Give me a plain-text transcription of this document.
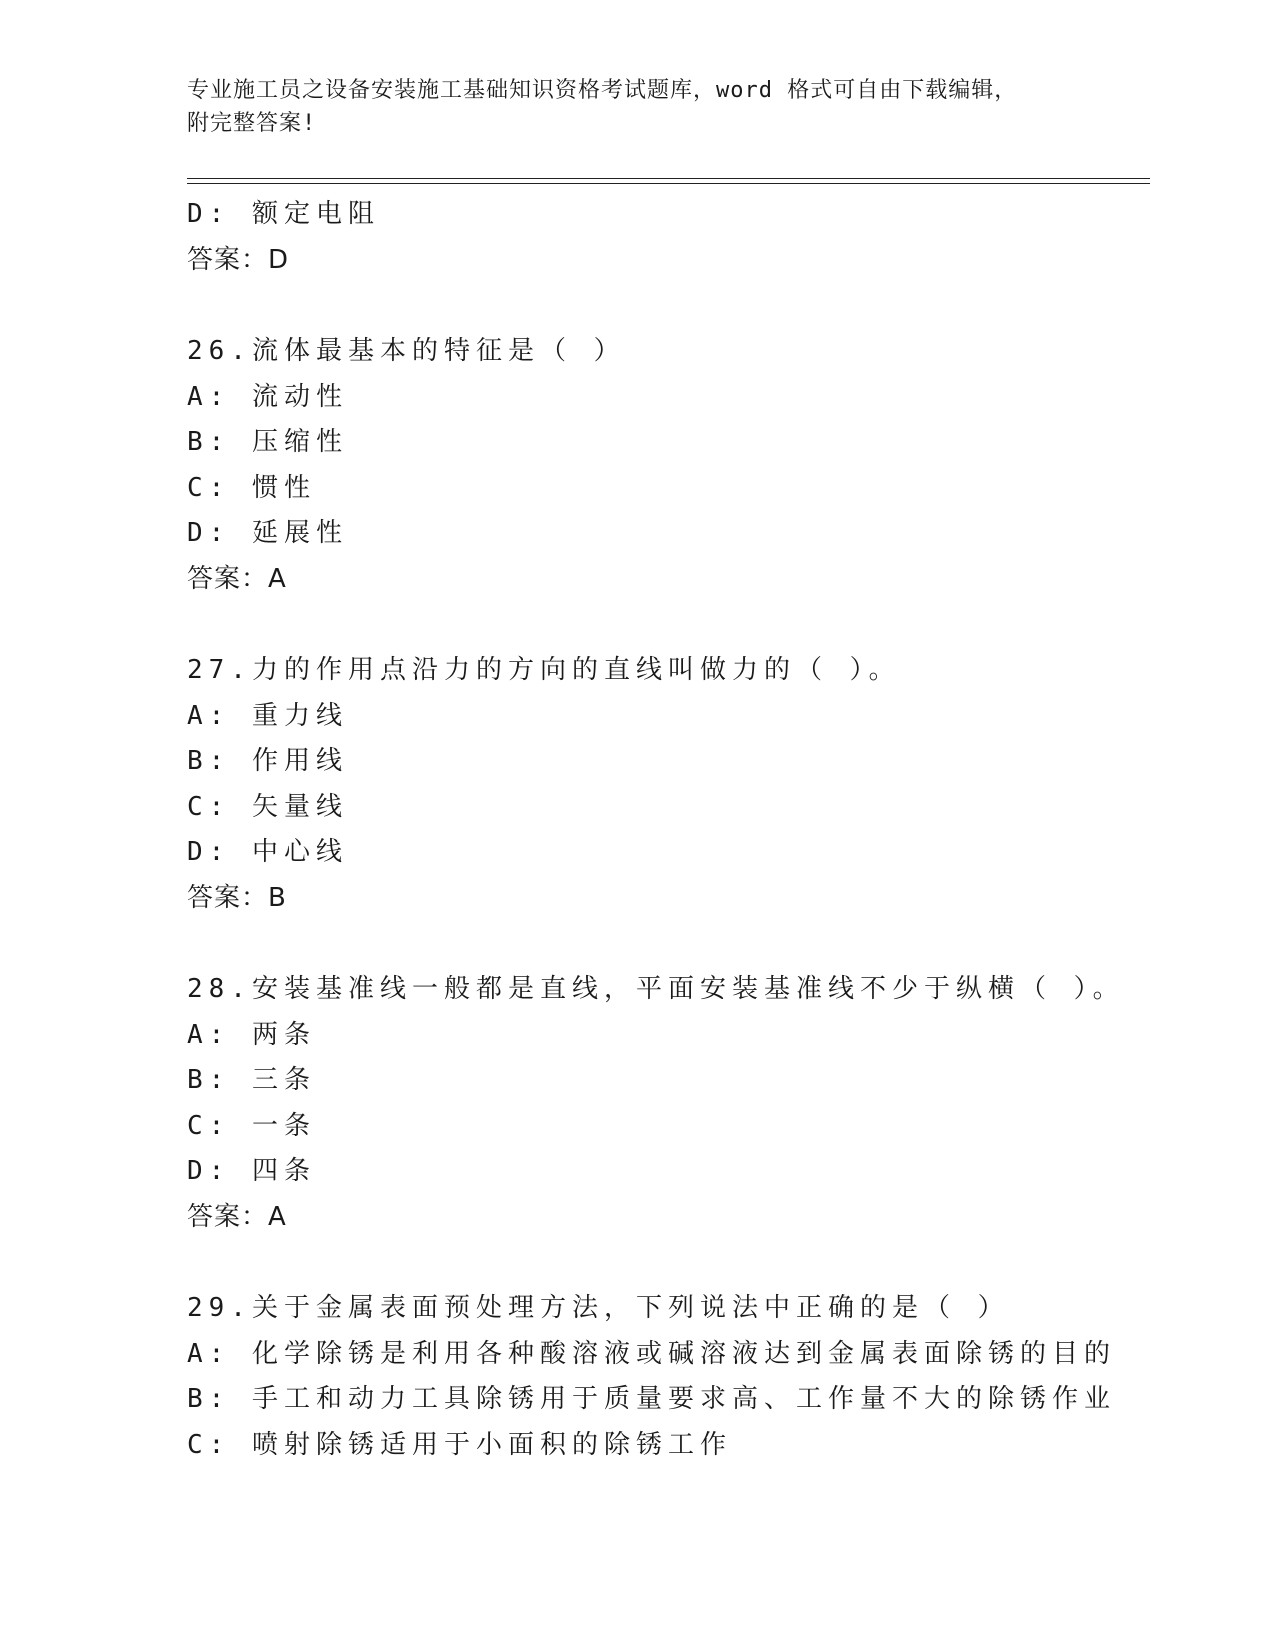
专业施工员之设备安装施工基础知识资格考试题库，word 格式可自由下载编辑，
附完整答案!
D: 额定电阻
答案：D
26.流体最基本的特征是（ ）
A: 流动性
B: 压缩性
C: 惯性
D: 延展性
答案：A
27.力的作用点沿力的方向的直线叫做力的（ ）。
A: 重力线
B: 作用线
C: 矢量线
D: 中心线
答案：B
28.安装基准线一般都是直线，平面安装基准线不少于纵横（ ）。
A: 两条
B: 三条
C: 一条
D: 四条
答案：A
29.关于金属表面预处理方法，下列说法中正确的是（ ）
A: 化学除锈是利用各种酸溶液或碱溶液达到金属表面除锈的目的
B: 手工和动力工具除锈用于质量要求高、工作量不大的除锈作业
C: 喷射除锈适用于小面积的除锈工作
